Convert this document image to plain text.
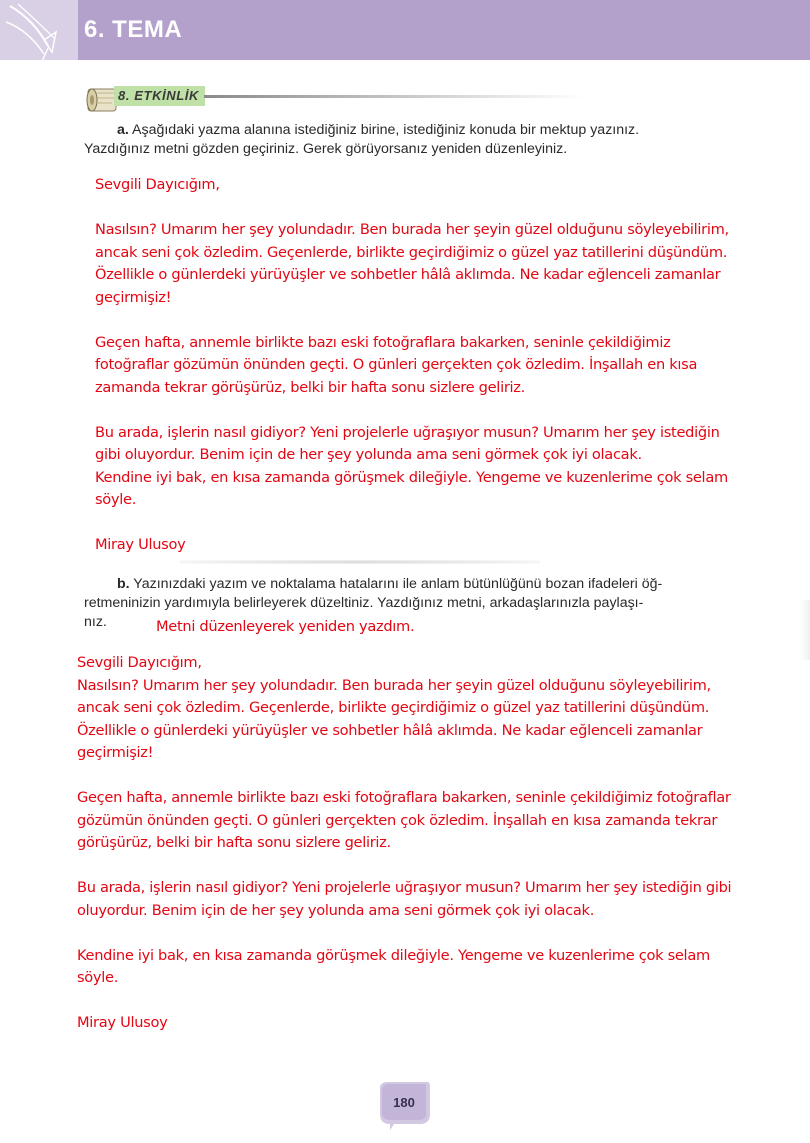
6. TEMA
8. ETKİNLİK
a. Aşağıdaki yazma alanına istediğiniz birine, istediğiniz konuda bir mektup yazınız.
Yazdığınız metni gözden geçiriniz. Gerek görüyorsanız yeniden düzenleyiniz.
Sevgili Dayıcığım,
Nasılsın? Umarım her şey yolundadır. Ben burada her şeyin güzel olduğunu söyleyebilirim,
ancak seni çok özledim. Geçenlerde, birlikte geçirdiğimiz o güzel yaz tatillerini düşündüm.
Özellikle o günlerdeki yürüyüşler ve sohbetler hâlâ aklımda. Ne kadar eğlenceli zamanlar
geçirmişiz!
Geçen hafta, annemle birlikte bazı eski fotoğraflara bakarken, seninle çekildiğimiz
fotoğraflar gözümün önünden geçti. O günleri gerçekten çok özledim. İnşallah en kısa
zamanda tekrar görüşürüz, belki bir hafta sonu sizlere geliriz.
Bu arada, işlerin nasıl gidiyor? Yeni projelerle uğraşıyor musun? Umarım her şey istediğin
gibi oluyordur. Benim için de her şey yolunda ama seni görmek çok iyi olacak.
Kendine iyi bak, en kısa zamanda görüşmek dileğiyle. Yengeme ve kuzenlerime çok selam
söyle.
Miray Ulusoy
b. Yazınızdaki yazım ve noktalama hatalarını ile anlam bütünlüğünü bozan ifadeleri öğ-
retmeninizin yardımıyla belirleyerek düzeltiniz. Yazdığınız metni, arkadaşlarınızla paylaşı-
nız.	Metni düzenleyerek yeniden yazdım.
Sevgili Dayıcığım,
Nasılsın? Umarım her şey yolundadır. Ben burada her şeyin güzel olduğunu söyleyebilirim,
ancak seni çok özledim. Geçenlerde, birlikte geçirdiğimiz o güzel yaz tatillerini düşündüm.
Özellikle o günlerdeki yürüyüşler ve sohbetler hâlâ aklımda. Ne kadar eğlenceli zamanlar
geçirmişiz!
Geçen hafta, annemle birlikte bazı eski fotoğraflara bakarken, seninle çekildiğimiz fotoğraflar
gözümün önünden geçti. O günleri gerçekten çok özledim. İnşallah en kısa zamanda tekrar
görüşürüz, belki bir hafta sonu sizlere geliriz.
Bu arada, işlerin nasıl gidiyor? Yeni projelerle uğraşıyor musun? Umarım her şey istediğin gibi
oluyordur. Benim için de her şey yolunda ama seni görmek çok iyi olacak.
Kendine iyi bak, en kısa zamanda görüşmek dileğiyle. Yengeme ve kuzenlerime çok selam
söyle.
Miray Ulusoy
180
